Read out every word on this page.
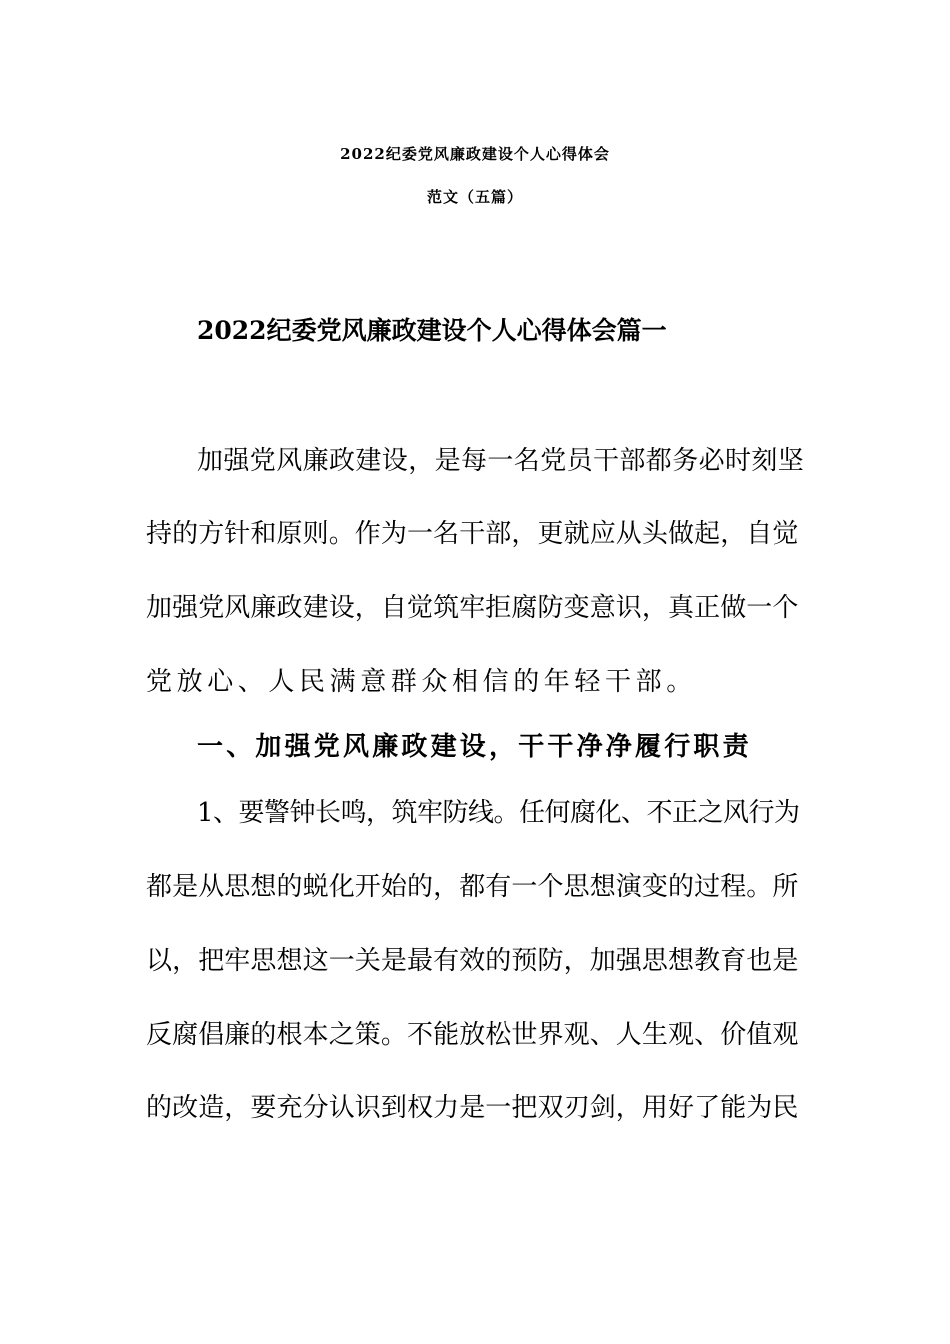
2022纪委党风廉政建设个人心得体会
范文（五篇）
2022纪委党风廉政建设个人心得体会篇一
加强党风廉政建设，是每一名党员干部都务必时刻坚
持的方针和原则。作为一名干部，更就应从头做起，自觉
加强党风廉政建设，自觉筑牢拒腐防变意识，真正做一个
党放心、人民满意群众相信的年轻干部。
一、加强党风廉政建设，干干净净履行职责
1、要警钟长鸣，筑牢防线。任何腐化、不正之风行为
都是从思想的蜕化开始的，都有一个思想演变的过程。所
以，把牢思想这一关是最有效的预防，加强思想教育也是
反腐倡廉的根本之策。不能放松世界观、人生观、价值观
的改造，要充分认识到权力是一把双刃剑，用好了能为民
